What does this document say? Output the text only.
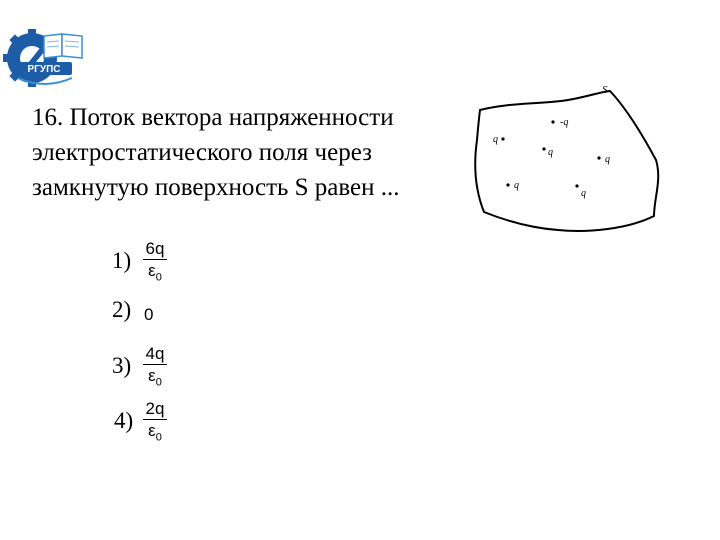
РГУПС
16. Поток вектора напряженности
электростатического поля через
замкнутую поверхность S равен ...
S
-q
q
q
q
q
q
1) 6q
$\varepsilon_0$
2) 0
3) 4q
$\varepsilon_0$
4) 2q
$\varepsilon_0$
